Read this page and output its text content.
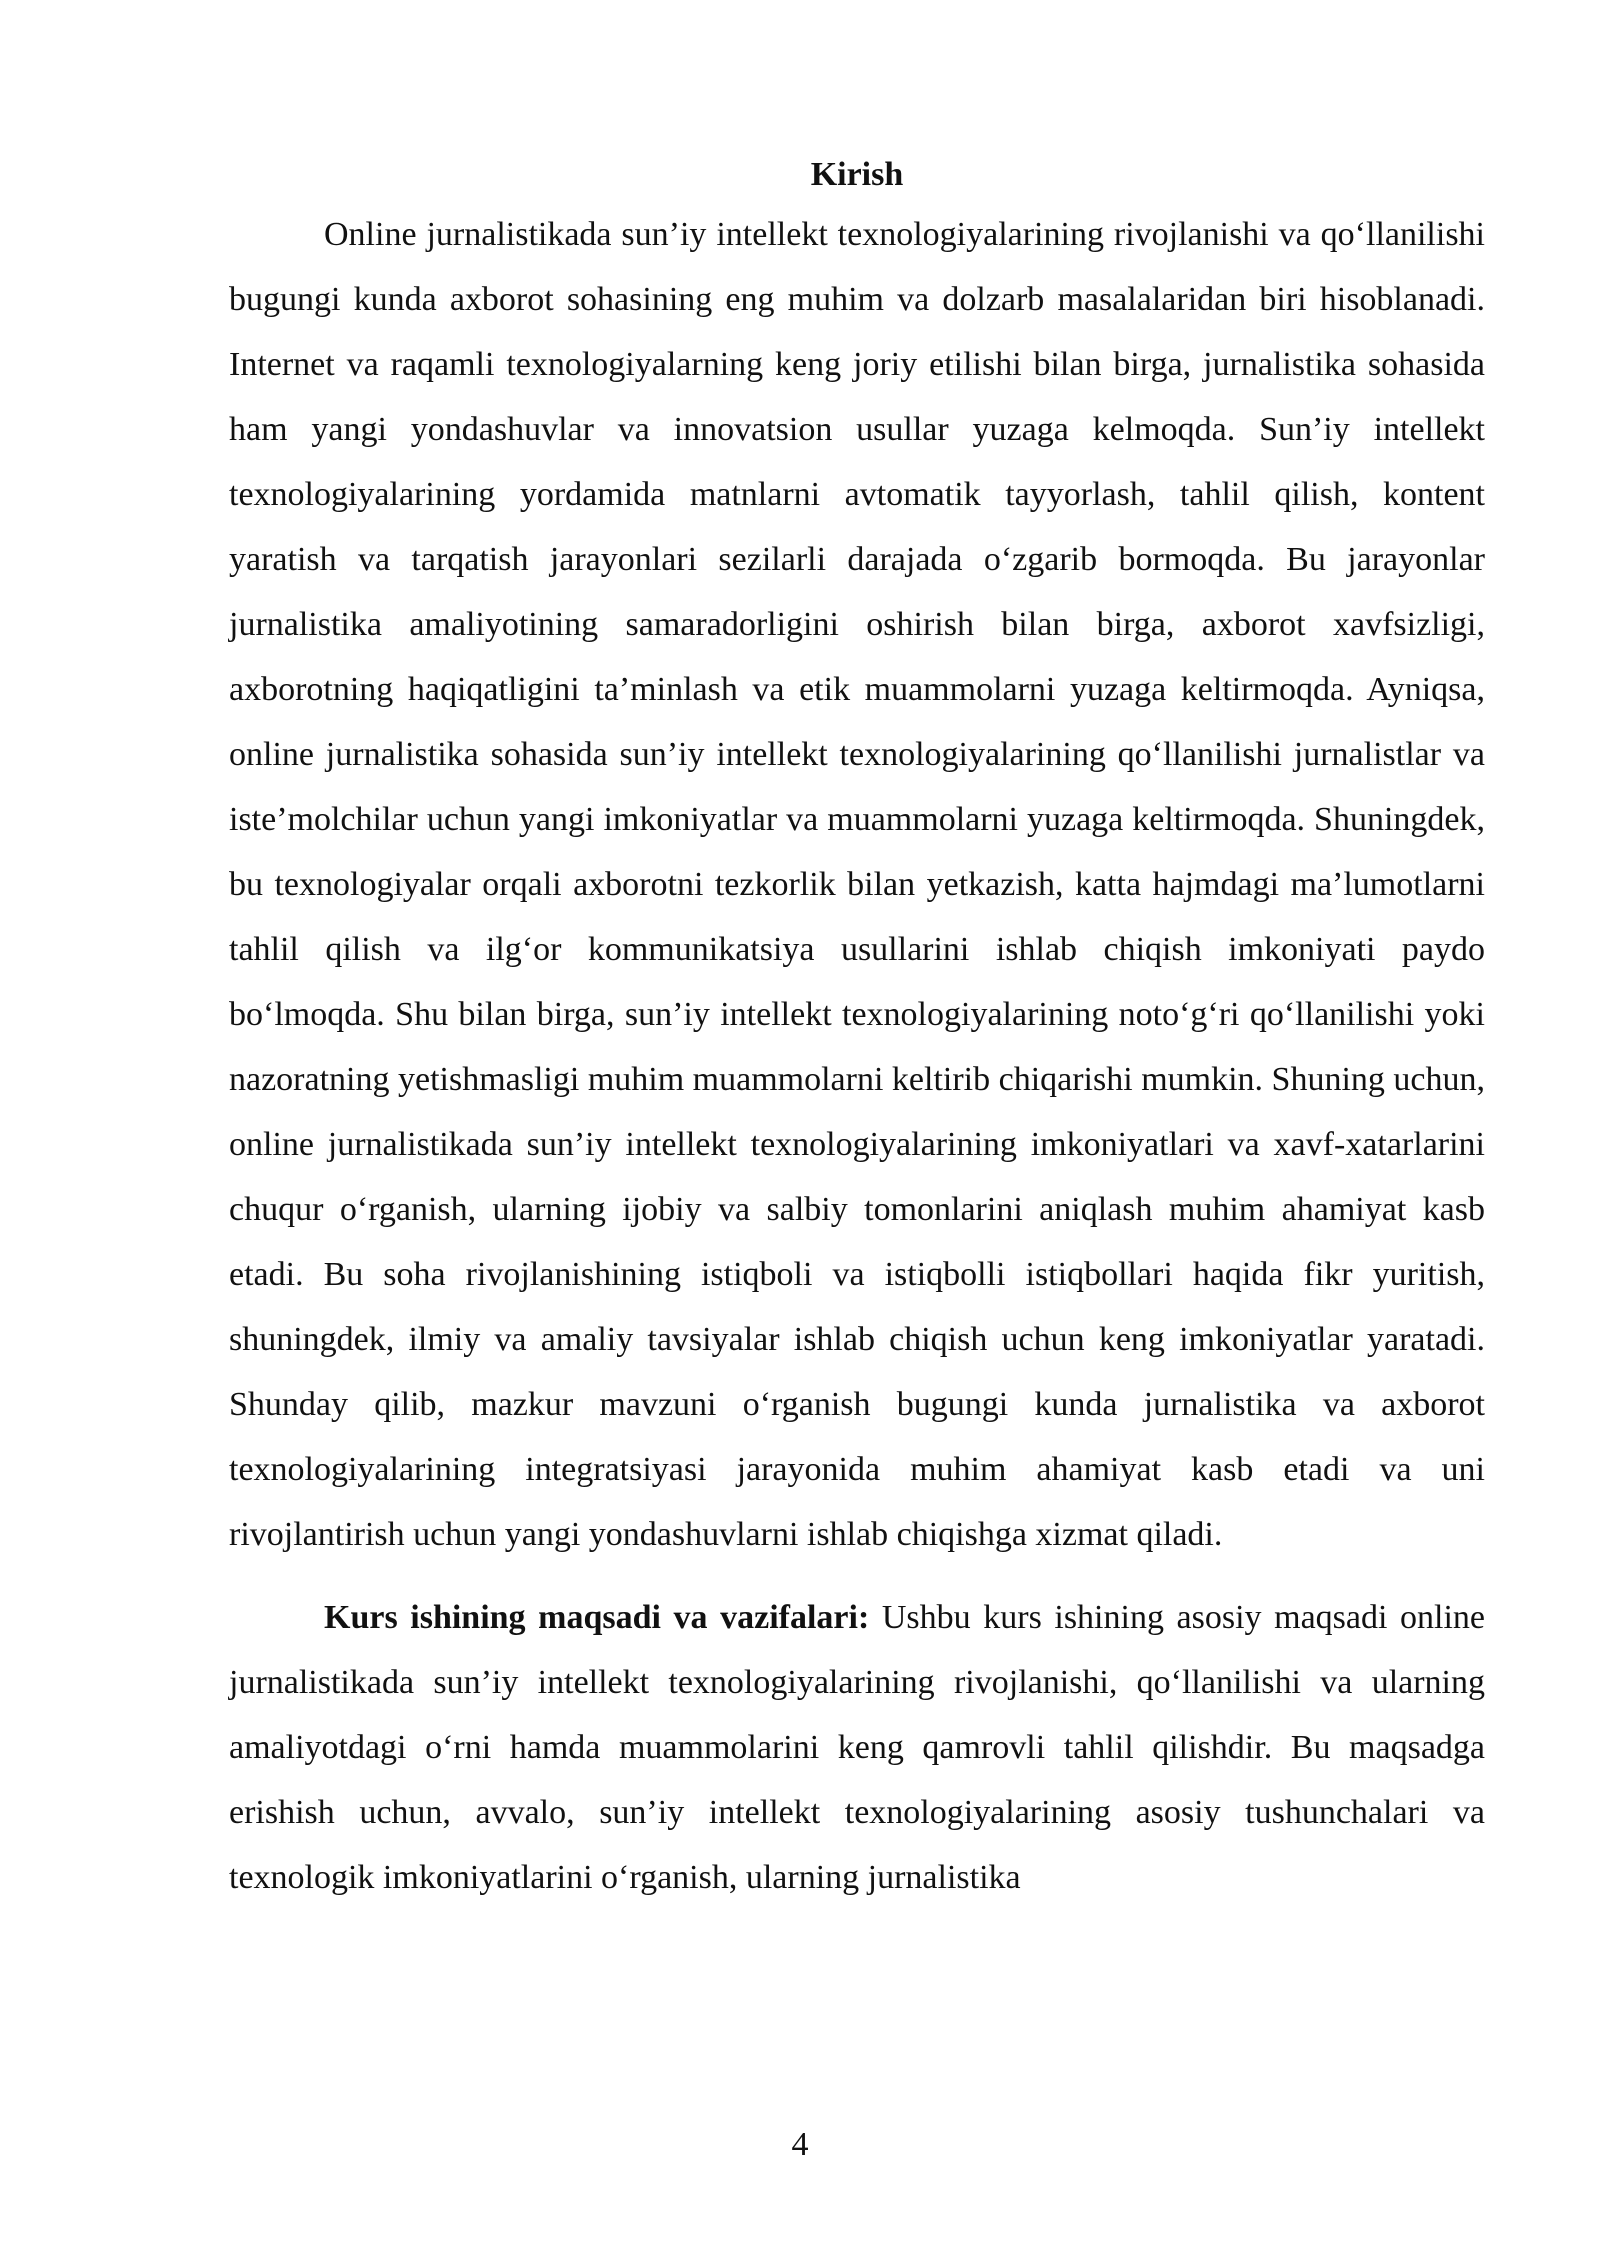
Kirish

Online jurnalistikada sun’iy intellekt texnologiyalarining rivojlanishi va qo‘llanilishi bugungi kunda axborot sohasining eng muhim va dolzarb masalalaridan biri hisoblanadi. Internet va raqamli texnologiyalarning keng joriy etilishi bilan birga, jurnalistika sohasida ham yangi yondashuvlar va innovatsion usullar yuzaga kelmoqda. Sun’iy intellekt texnologiyalarining yordamida matnlarni avtomatik tayyorlash, tahlil qilish, kontent yaratish va tarqatish jarayonlari sezilarli darajada o‘zgarib bormoqda. Bu jarayonlar jurnalistika amaliyotining samaradorligini oshirish bilan birga, axborot xavfsizligi, axborotning haqiqatligini ta’minlash va etik muammolarni yuzaga keltirmoqda. Ayniqsa, online jurnalistika sohasida sun’iy intellekt texnologiyalarining qo‘llanilishi jurnalistlar va iste’molchilar uchun yangi imkoniyatlar va muammolarni yuzaga keltirmoqda. Shuningdek, bu texnologiyalar orqali axborotni tezkorlik bilan yetkazish, katta hajmdagi ma’lumotlarni tahlil qilish va ilg‘or kommunikatsiya usullarini ishlab chiqish imkoniyati paydo bo‘lmoqda. Shu bilan birga, sun’iy intellekt texnologiyalarining noto‘g‘ri qo‘llanilishi yoki nazoratning yetishmasligi muhim muammolarni keltirib chiqarishi mumkin. Shuning uchun, online jurnalistikada sun’iy intellekt texnologiyalarining imkoniyatlari va xavf-xatarlarini chuqur o‘rganish, ularning ijobiy va salbiy tomonlarini aniqlash muhim ahamiyat kasb etadi. Bu soha rivojlanishining istiqboli va istiqbolli istiqbollari haqida fikr yuritish, shuningdek, ilmiy va amaliy tavsiyalar ishlab chiqish uchun keng imkoniyatlar yaratadi. Shunday qilib, mazkur mavzuni o‘rganish bugungi kunda jurnalistika va axborot texnologiyalarining integratsiyasi jarayonida muhim ahamiyat kasb etadi va uni rivojlantirish uchun yangi yondashuvlarni ishlab chiqishga xizmat qiladi.

Kurs ishining maqsadi va vazifalari: Ushbu kurs ishining asosiy maqsadi online jurnalistikada sun’iy intellekt texnologiyalarining rivojlanishi, qo‘llanilishi va ularning amaliyotdagi o‘rni hamda muammolarini keng qamrovli tahlil qilishdir. Bu maqsadga erishish uchun, avvalo, sun’iy intellekt texnologiyalarining asosiy tushunchalari va texnologik imkoniyatlarini o‘rganish, ularning jurnalistika

4
